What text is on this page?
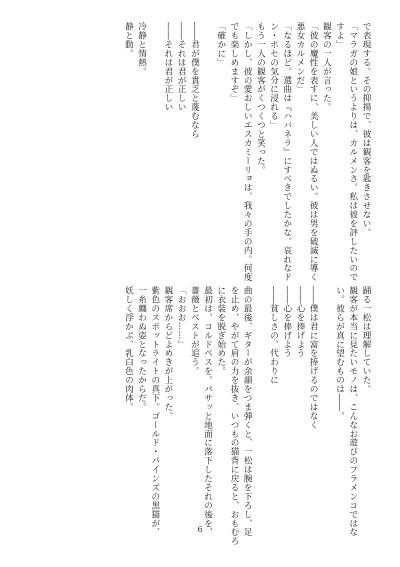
で表現する。その抑揚で、彼は観客を匙きさせない。
「マラガの娘というよりは、カルメンさ。私は彼を評したいので
すよ」
観客の一人が言った。
「彼の魔性を表すに、美しい人ではぬるい。彼は男を破滅に導く
悪女カルメンだ」
「なるほど。選曲は『ハバネラ』にすべきでしたかな。哀れなド
ン・ホセの気分に浸れる」
もう一人の観客がくつくつと笑った。
「しかし、彼の愛おしいエスカミーリョは、我々の手の内。何度
でも楽しめますぞ」
「確かに」
――君が僕を貴乏と蔑むなら
――それは君が正しい
――それは君が正しい
冷静と情熱。
静と動。
踊る一松は理解していた。
観客が本当に見たいモノは、こんなお遊びのフラメンコではな
い。彼らが真に望むものは――。
――僕は君に富を捧げるのではなく
――心を捧げよう
――心を捧げよう
――貧しさの、代わりに
曲の最後、ギターが余韻をつま弾くと、一松は腕を下ろし、足
を止め、やがて肩の力を抜き、いつもの猫背に戻ると、おもむろ
に衣装を脱ぎ始めた。
最初は、コルドベスを。パサッと地面に落下したそれの後を、
薔薇とベストが追う。
「おおお……」
観客席からどよめきが上がった。
紫色のスポットライトの真下。ゴールド・パインズの黒猫が、
一糸纏わぬ姿となったからだ。
妖しく浮かぶ、乳白色の肉体。
6
